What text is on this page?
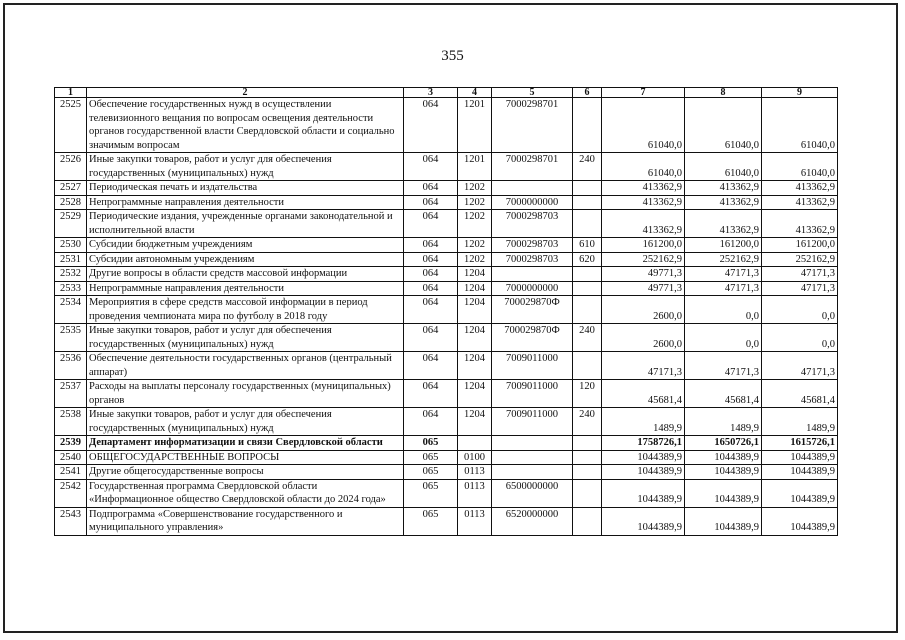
355
1	2	3	4	5	6	7	8	9
2525	Обеспечение государственных нужд в осуществлении
телевизионного вещания по вопросам освещения деятельности
органов государственной власти Свердловской области и социально
значимым вопросам	064	1201	7000298701		61040,0	61040,0	61040,0
2526	Иные закупки товаров, работ и услуг для обеспечения
государственных (муниципальных) нужд	064	1201	7000298701	240	61040,0	61040,0	61040,0
2527	Периодическая печать и издательства	064	1202			413362,9	413362,9	413362,9
2528	Непрограммные направления деятельности	064	1202	7000000000		413362,9	413362,9	413362,9
2529	Периодические издания, учрежденные органами законодательной и
исполнительной власти	064	1202	7000298703		413362,9	413362,9	413362,9
2530	Субсидии бюджетным учреждениям	064	1202	7000298703	610	161200,0	161200,0	161200,0
2531	Субсидии автономным учреждениям	064	1202	7000298703	620	252162,9	252162,9	252162,9
2532	Другие вопросы в области средств массовой информации	064	1204			49771,3	47171,3	47171,3
2533	Непрограммные направления деятельности	064	1204	7000000000		49771,3	47171,3	47171,3
2534	Мероприятия в сфере средств массовой информации в период
проведения чемпионата мира по футболу в 2018 году	064	1204	700029870Ф		2600,0	0,0	0,0
2535	Иные закупки товаров, работ и услуг для обеспечения
государственных (муниципальных) нужд	064	1204	700029870Ф	240	2600,0	0,0	0,0
2536	Обеспечение деятельности государственных органов (центральный
аппарат)	064	1204	7009011000		47171,3	47171,3	47171,3
2537	Расходы на выплаты персоналу государственных (муниципальных)
органов	064	1204	7009011000	120	45681,4	45681,4	45681,4
2538	Иные закупки товаров, работ и услуг для обеспечения
государственных (муниципальных) нужд	064	1204	7009011000	240	1489,9	1489,9	1489,9
2539	Департамент информатизации и связи Свердловской области	065				1758726,1	1650726,1	1615726,1
2540	ОБЩЕГОСУДАРСТВЕННЫЕ ВОПРОСЫ	065	0100			1044389,9	1044389,9	1044389,9
2541	Другие общегосударственные вопросы	065	0113			1044389,9	1044389,9	1044389,9
2542	Государственная программа Свердловской области
«Информационное общество Свердловской области до 2024 года»	065	0113	6500000000		1044389,9	1044389,9	1044389,9
2543	Подпрограмма «Совершенствование государственного и
муниципального управления»	065	0113	6520000000		1044389,9	1044389,9	1044389,9
